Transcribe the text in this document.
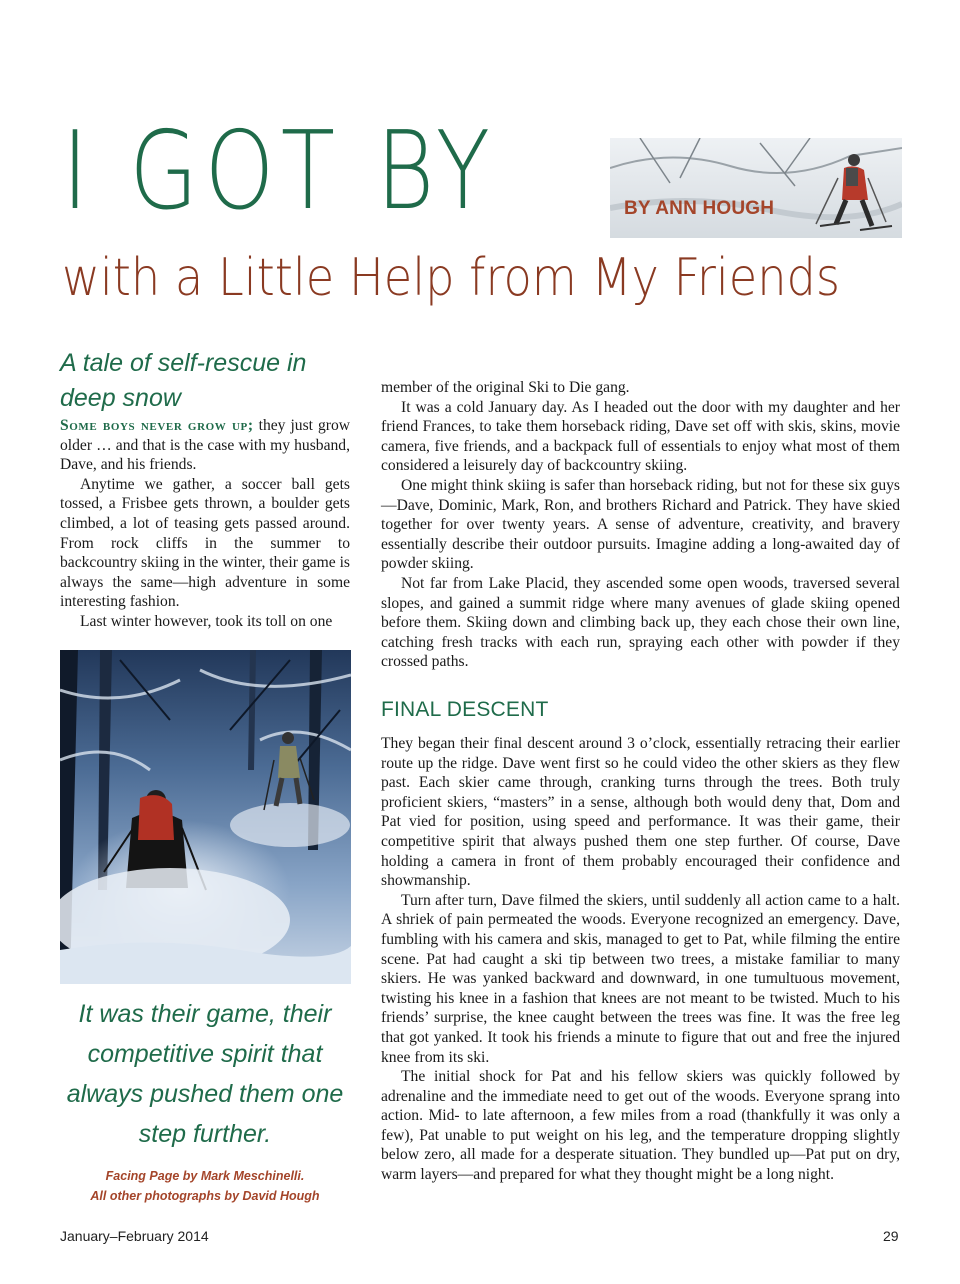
I GOT BY	BY ANN HOUGH
with a Little Help from My Friends
A tale of self-rescue in deep snow

Some boys never grow up; they just grow older … and that is the case with my husband, Dave, and his friends.

Anytime we gather, a soccer ball gets tossed, a Frisbee gets thrown, a boulder gets climbed, a lot of teasing gets passed around. From rock cliffs in the summer to backcountry skiing in the winter, their game is always the same—high adventure in some interesting fashion.

Last winter however, took its toll on one

It was their game, their competitive spirit that always pushed them one step further.
Facing Page by Mark Meschinelli.
All other photographs by David Hough

member of the original Ski to Die gang.

It was a cold January day. As I headed out the door with my daughter and her friend Frances, to take them horseback riding, Dave set off with skis, skins, movie camera, five friends, and a backpack full of essentials to enjoy what most of them considered a leisurely day of backcountry skiing.

One might think skiing is safer than horseback riding, but not for these six guys—Dave, Dominic, Mark, Ron, and brothers Richard and Patrick. They have skied together for over twenty years. A sense of adventure, creativity, and bravery essentially describe their outdoor pursuits. Imagine adding a long-awaited day of powder skiing.

Not far from Lake Placid, they ascended some open woods, traversed several slopes, and gained a summit ridge where many avenues of glade skiing opened before them. Skiing down and climbing back up, they each chose their own line, catching fresh tracks with each run, spraying each other with powder if they crossed paths.

FINAL DESCENT

They began their final descent around 3 o’clock, essentially retracing their earlier route up the ridge. Dave went first so he could video the other skiers as they flew past. Each skier came through, cranking turns through the trees. Both truly proficient skiers, “masters” in a sense, although both would deny that, Dom and Pat vied for position, using speed and performance. It was their game, their competitive spirit that always pushed them one step further. Of course, Dave holding a camera in front of them probably encouraged their confidence and showmanship.

Turn after turn, Dave filmed the skiers, until suddenly all action came to a halt. A shriek of pain permeated the woods. Everyone recognized an emergency. Dave, fumbling with his camera and skis, managed to get to Pat, while filming the entire scene. Pat had caught a ski tip between two trees, a mistake familiar to many skiers. He was yanked backward and downward, in one tumultuous movement, twisting his knee in a fashion that knees are not meant to be twisted. Much to his friends’ surprise, the knee caught between the trees was fine. It was the free leg that got yanked. It took his friends a minute to figure that out and free the injured knee from its ski.

The initial shock for Pat and his fellow skiers was quickly followed by adrenaline and the immediate need to get out of the woods. Everyone sprang into action. Mid- to late afternoon, a few miles from a road (thankfully it was only a few), Pat unable to put weight on his leg, and the temperature dropping slightly below zero, all made for a desperate situation. They bundled up—Pat put on dry, warm layers—and prepared for what they thought might be a long night.

January–February 2014	29
